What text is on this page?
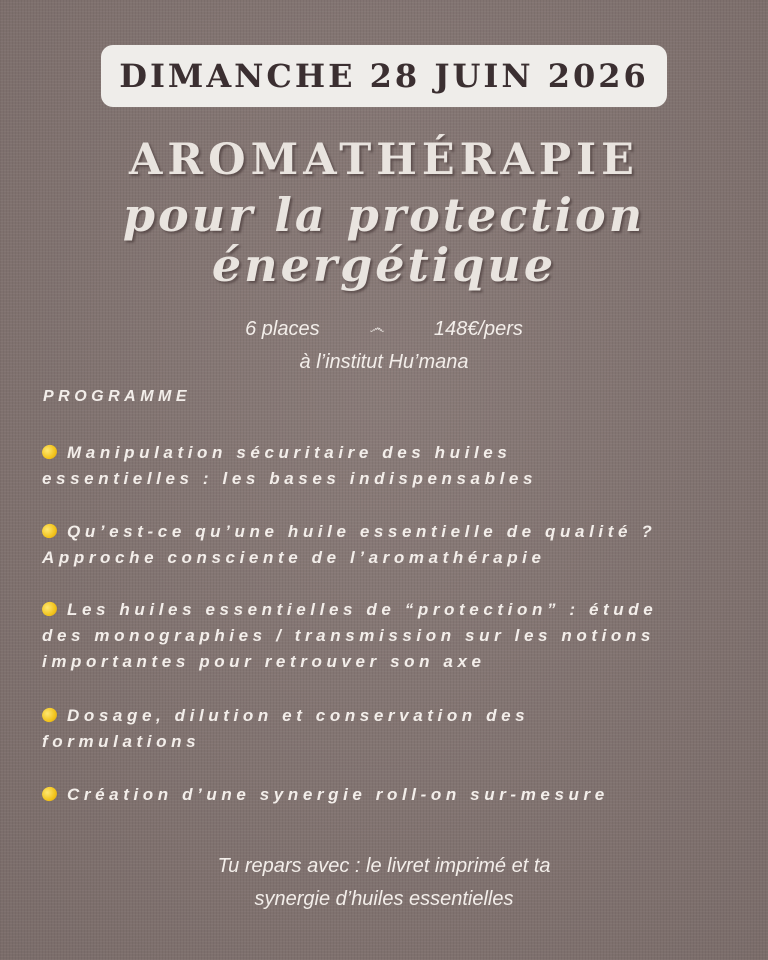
DIMANCHE 28 JUIN 2026
AROMATHÉRAPIE
pour la protection
énergétique
6 places	෴ 148€/pers
à l’institut Hu’mana
PROGRAMME
Manipulation sécuritaire des huiles
essentielles : les bases indispensables
Qu’est-ce qu’une huile essentielle de qualité ?
Approche consciente de l’aromathérapie
Les huiles essentielles de “protection” : étude
des monographies / transmission sur les notions
importantes pour retrouver son axe
Dosage, dilution et conservation des
formulations
Création d’une synergie roll-on sur-mesure
Tu repars avec : le livret imprimé et ta
synergie d’huiles essentielles
